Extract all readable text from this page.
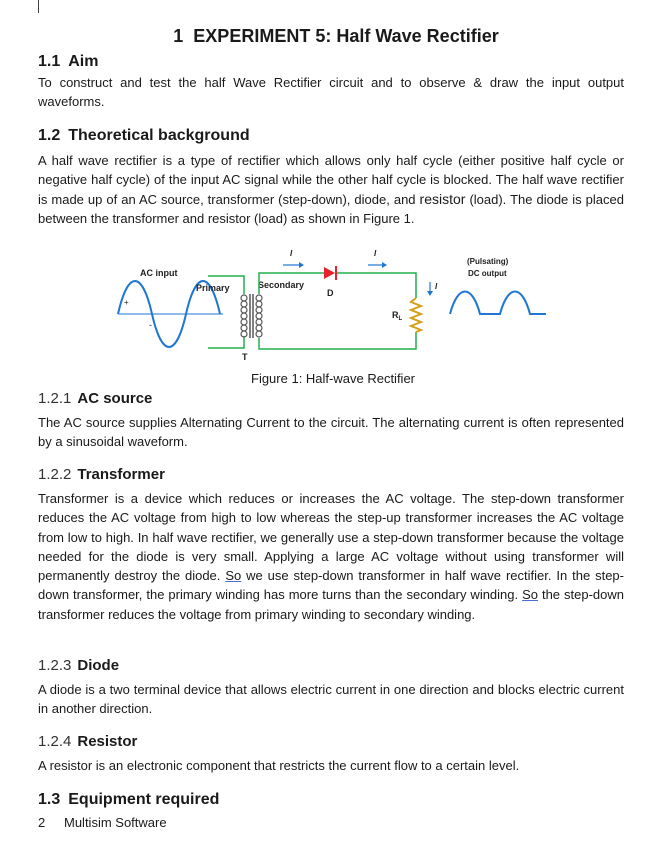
1 EXPERIMENT 5: Half Wave Rectifier
1.1 Aim
To construct and test the half Wave Rectifier circuit and to observe & draw the input output waveforms.
1.2 Theoretical background
A half wave rectifier is a type of rectifier which allows only half cycle (either positive half cycle or negative half cycle) of the input AC signal while the other half cycle is blocked. The half wave rectifier is made up of an AC source, transformer (step-down), diode, and resistor (load). The diode is placed between the transformer and resistor (load) as shown in Figure 1.
AC input
+
-
Primary
T
Secondary
D
I	I
I
$R_L$
(Pulsating)
DC output
Figure 1: Half-wave Rectifier
1.2.1 AC source
The AC source supplies Alternating Current to the circuit. The alternating current is often represented by a sinusoidal waveform.
1.2.2 Transformer
Transformer is a device which reduces or increases the AC voltage. The step-down transformer reduces the AC voltage from high to low whereas the step-up transformer increases the AC voltage from low to high. In half wave rectifier, we generally use a step-down transformer because the voltage needed for the diode is very small. Applying a large AC voltage without using transformer will permanently destroy the diode. So we use step-down transformer in half wave rectifier. In the step-down transformer, the primary winding has more turns than the secondary winding. So the step-down transformer reduces the voltage from primary winding to secondary winding.
1.2.3 Diode
A diode is a two terminal device that allows electric current in one direction and blocks electric current in another direction.
1.2.4 Resistor
A resistor is an electronic component that restricts the current flow to a certain level.
1.3 Equipment required
2 Multisim Software
